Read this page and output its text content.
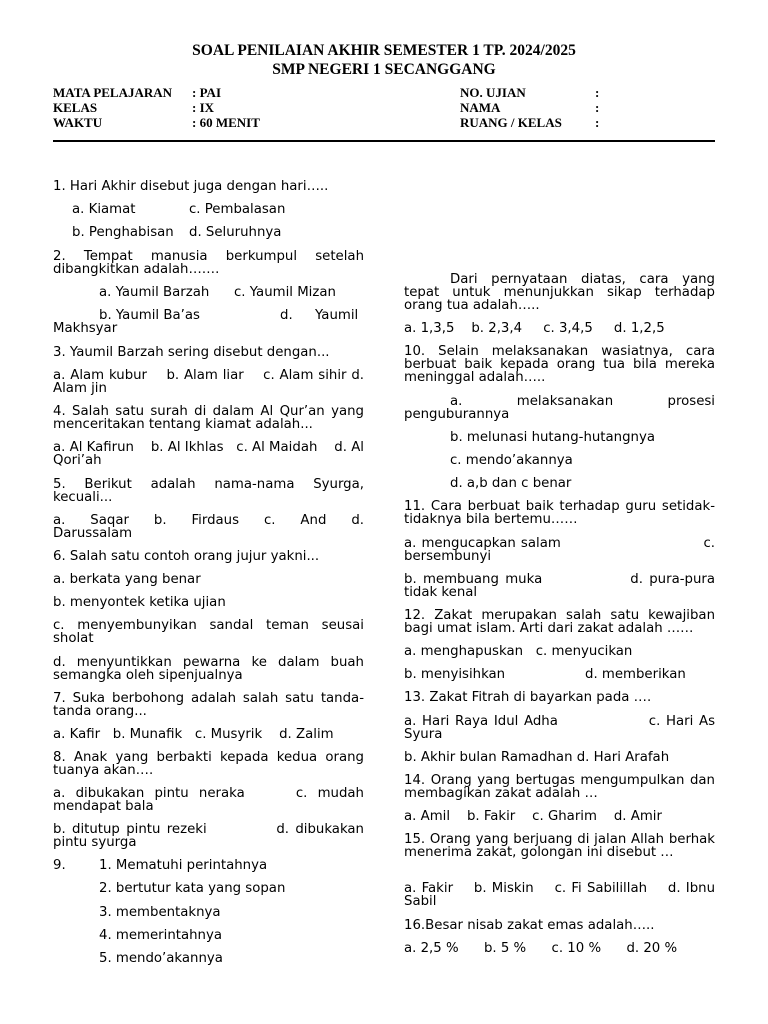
SOAL PENILAIAN AKHIR SEMESTER 1 TP. 2024/2025
SMP NEGERI 1 SECANGGANG
MATA PELAJARAN : PAI
KELAS	: IX
WAKTU	: 60 MENIT
NO. UJIAN	:
NAMA	:
RUANG / KELAS	:

1. Hari Akhir disebut juga dengan hari…..

a. Kiamat	c. Pembalasan

b. Penghabisan d. Seluruhnya

2. Tempat manusia berkumpul setelah dibangkitkan adalah…….

a. Yaumil Barzah c. Yaumil Mizan

b. Yaumil Ba’as	d. Yaumil

Makhsyar

3. Yaumil Barzah sering disebut dengan...

a. Alam kubur    b. Alam liar    c. Alam sihir d. Alam jin

4. Salah satu surah di dalam Al Qur’an yang menceritakan tentang kiamat adalah...

a. Al Kafirun    b. Al Ikhlas   c. Al Maidah    d. Al Qori’ah

5. Berikut adalah nama-nama Syurga, kecuali...

a. Saqar b. Firdaus c. And d. Darussalam

6. Salah satu contoh orang jujur yakni...

a. berkata yang benar

b. menyontek ketika ujian

c. menyembunyikan sandal teman seusai sholat

d. menyuntikkan pewarna ke dalam buah semangka oleh sipenjualnya

7. Suka berbohong adalah salah satu tanda-tanda orang...

a. Kafir   b. Munafik   c. Musyrik    d. Zalim

8. Anak yang berbakti kepada kedua orang tuanya akan….

a. dibukakan pintu neraka     c. mudah mendapat bala

b. ditutup pintu rezeki           d. dibukakan pintu syurga

9.	1. Mematuhi perintahnya

2. bertutur kata yang sopan

3. membentaknya

4. memerintahnya

5. mendo’akannya

Dari pernyataan diatas, cara yang tepat untuk menunjukkan sikap terhadap orang tua adalah…..

a. 1,3,5    b. 2,3,4     c. 3,4,5     d. 1,2,5

10. Selain melaksanakan wasiatnya, cara berbuat baik kepada orang tua bila mereka meninggal adalah…..

a. melaksanakan prosesi penguburannya

b. melunasi hutang-hutangnya

c. mendo’akannya

d. a,b dan c benar

11. Cara berbuat baik terhadap guru setidak-tidaknya bila bertemu……

a. mengucapkan salam                            c. bersembunyi

b. membuang muka              d. pura-pura tidak kenal

12. Zakat merupakan salah satu kewajiban bagi umat islam. Arti dari zakat adalah ……

a. menghapuskan   c. menyucikan

b. menyisihkan	d. memberikan

13. Zakat Fitrah di bayarkan pada ….

a. Hari Raya Idul Adha                c. Hari As Syura

b. Akhir bulan Ramadhan d. Hari Arafah

14. Orang yang bertugas mengumpulkan dan membagikan zakat adalah …

a. Amil    b. Fakir    c. Gharim    d. Amir

15. Orang yang berjuang di jalan Allah berhak menerima zakat, golongan ini disebut …

a. Fakir    b. Miskin    c. Fi Sabilillah    d. Ibnu Sabil

16.Besar nisab zakat emas adalah…..

a. 2,5 %      b. 5 %      c. 10 %      d. 20 %
